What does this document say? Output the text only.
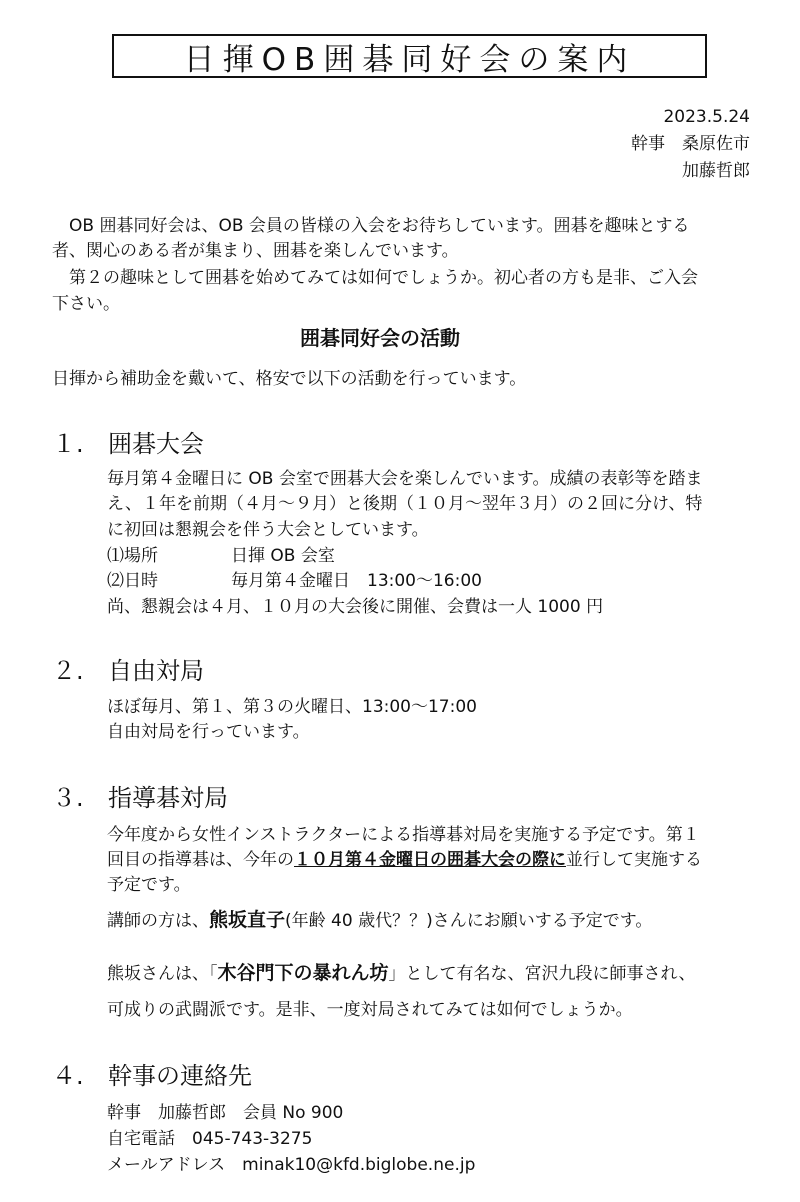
日揮OB囲碁同好会の案内
2023.5.24
幹事　桑原佐市
加藤哲郎
　OB 囲碁同好会は、OB 会員の皆様の入会をお待ちしています。囲碁を趣味とする
者、関心のある者が集まり、囲碁を楽しんでいます。
　第２の趣味として囲碁を始めてみては如何でしょうか。初心者の方も是非、ご入会
下さい。
囲碁同好会の活動
日揮から補助金を戴いて、格安で以下の活動を行っています。
１. 囲碁大会
毎月第４金曜日に OB 会室で囲碁大会を楽しんでいます。成績の表彰等を踏ま
え、１年を前期（４月～９月）と後期（１０月～翌年３月）の２回に分け、特
に初回は懇親会を伴う大会としています。
⑴場所	日揮 OB 会室
⑵日時	毎月第４金曜日　13:00～16:00
尚、懇親会は４月、１０月の大会後に開催、会費は一人 1000 円
２. 自由対局
ほぼ毎月、第１、第３の火曜日、13:00～17:00
自由対局を行っています。
３. 指導碁対局
今年度から女性インストラクターによる指導碁対局を実施する予定です。第１
回目の指導碁は、今年の１０月第４金曜日の囲碁大会の際に並行して実施する
予定です。
講師の方は、熊坂直子(年齢 40 歳代？？)さんにお願いする予定です。
熊坂さんは、「木谷門下の暴れん坊」として有名な、宮沢九段に師事され、
可成りの武闘派です。是非、一度対局されてみては如何でしょうか。
４. 幹事の連絡先
幹事　加藤哲郎　会員 No 900
自宅電話　045-743-3275
メールアドレス　minak10@kfd.biglobe.ne.jp
